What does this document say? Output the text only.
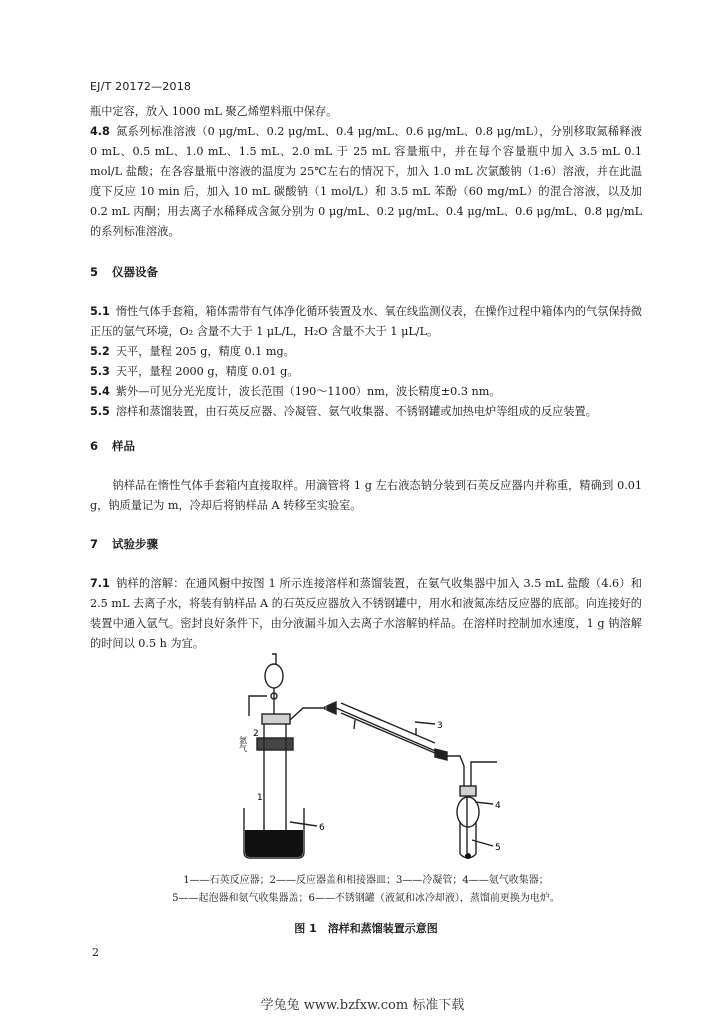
EJ/T 20172—2018

瓶中定容，放入 1000 mL 聚乙烯塑料瓶中保存。

4.8 氮系列标准溶液（0 μg/mL、0.2 μg/mL、0.4 μg/mL、0.6 μg/mL、0.8 μg/mL），分别移取氮稀释液 0 mL、0.5 mL、1.0 mL、1.5 mL、2.0 mL 于 25 mL 容量瓶中，并在每个容量瓶中加入 3.5 mL 0.1 mol/L 盐酸；在各容量瓶中溶液的温度为 25℃左右的情况下，加入 1.0 mL 次氯酸钠（1:6）溶液，并在此温度下反应 10 min 后，加入 10 mL 碳酸钠（1 mol/L）和 3.5 mL 苯酚（60 mg/mL）的混合溶液，以及加 0.2 mL 丙酮；用去离子水稀释成含氮分别为 0 μg/mL、0.2 μg/mL、0.4 μg/mL、0.6 μg/mL、0.8 μg/mL 的系列标准溶液。

5 仪器设备

5.1 惰性气体手套箱，箱体需带有气体净化循环装置及水、氧在线监测仪表，在操作过程中箱体内的气氛保持微正压的氩气环境，O₂ 含量不大于 1 μL/L，H₂O 含量不大于 1 μL/L。

5.2 天平，量程 205 g，精度 0.1 mg。

5.3 天平，量程 2000 g，精度 0.01 g。

5.4 紫外—可见分光光度计，波长范围（190～1100）nm，波长精度±0.3 nm。

5.5 溶样和蒸馏装置，由石英反应器、冷凝管、氨气收集器、不锈钢罐或加热电炉等组成的反应装置。

6 样品

钠样品在惰性气体手套箱内直接取样。用滴管将 1 g 左右液态钠分装到石英反应器内并称重，精确到 0.01 g，钠质量记为 m，冷却后将钠样品 A 转移至实验室。

7 试验步骤

7.1 钠样的溶解：在通风橱中按图 1 所示连接溶样和蒸馏装置，在氨气收集器中加入 3.5 mL 盐酸（4.6）和 2.5 mL 去离子水，将装有钠样品 A 的石英反应器放入不锈钢罐中，用水和液氮冻结反应器的底部。向连接好的装置中通入氩气。密封良好条件下，由分液漏斗加入去离子水溶解钠样品。在溶样时控制加水速度，1 g 钠溶解的时间以 0.5 h 为宜。

1
2
3
4
5
6
氩气
1——石英反应器；2——反应器盖和相接器皿；3——冷凝管；4——氨气收集器；
5——起泡器和氨气收集器盖；6——不锈钢罐（液氮和冰冷却液），蒸馏前更换为电炉。
图 1　溶样和蒸馏装置示意图
2
学兔兔 www.bzfxw.com 标准下载
